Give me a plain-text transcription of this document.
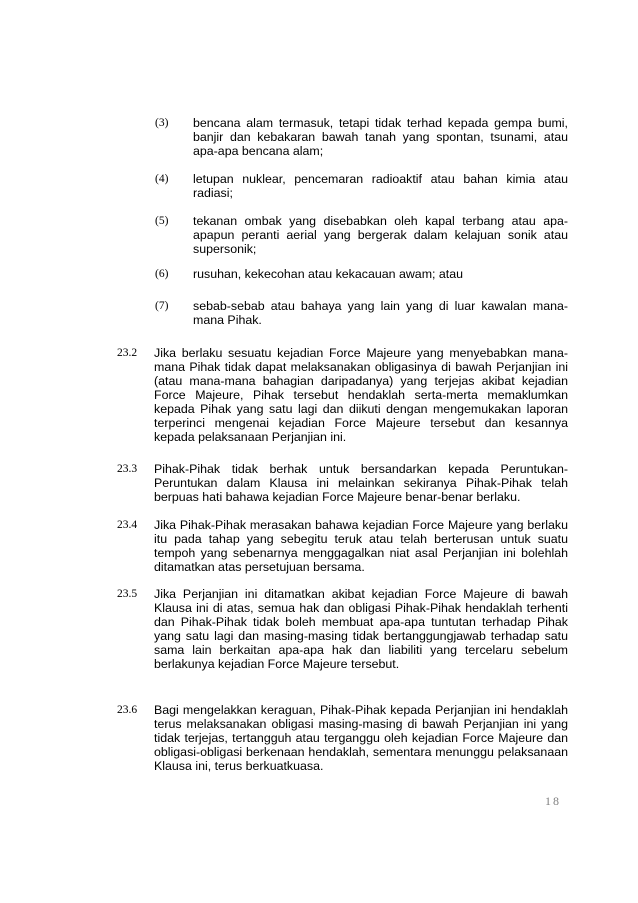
(3) bencana alam termasuk, tetapi tidak terhad kepada gempa bumi, banjir dan kebakaran bawah tanah yang spontan, tsunami, atau apa-apa bencana alam;
(4) letupan nuklear, pencemaran radioaktif atau bahan kimia atau radiasi;
(5) tekanan ombak yang disebabkan oleh kapal terbang atau apa-apapun peranti aerial yang bergerak dalam kelajuan sonik atau supersonik;
(6) rusuhan, kekecohan atau kekacauan awam; atau
(7) sebab-sebab atau bahaya yang lain yang di luar kawalan mana-mana Pihak.
23.2 Jika berlaku sesuatu kejadian Force Majeure yang menyebabkan mana-mana Pihak tidak dapat melaksanakan obligasinya di bawah Perjanjian ini (atau mana-mana bahagian daripadanya) yang terjejas akibat kejadian Force Majeure, Pihak tersebut hendaklah serta-merta memaklumkan kepada Pihak yang satu lagi dan diikuti dengan mengemukakan laporan terperinci mengenai kejadian Force Majeure tersebut dan kesannya kepada pelaksanaan Perjanjian ini.
23.3 Pihak-Pihak tidak berhak untuk bersandarkan kepada Peruntukan-Peruntukan dalam Klausa ini melainkan sekiranya Pihak-Pihak telah berpuas hati bahawa kejadian Force Majeure benar-benar berlaku.
23.4 Jika Pihak-Pihak merasakan bahawa kejadian Force Majeure yang berlaku itu pada tahap yang sebegitu teruk atau telah berterusan untuk suatu tempoh yang sebenarnya menggagalkan niat asal Perjanjian ini bolehlah ditamatkan atas persetujuan bersama.
23.5 Jika Perjanjian ini ditamatkan akibat kejadian Force Majeure di bawah Klausa ini di atas, semua hak dan obligasi Pihak-Pihak hendaklah terhenti dan Pihak-Pihak tidak boleh membuat apa-apa tuntutan terhadap Pihak yang satu lagi dan masing-masing tidak bertanggungjawab terhadap satu sama lain berkaitan apa-apa hak dan liabiliti yang tercelaru sebelum berlakunya kejadian Force Majeure tersebut.
23.6 Bagi mengelakkan keraguan, Pihak-Pihak kepada Perjanjian ini hendaklah terus melaksanakan obligasi masing-masing di bawah Perjanjian ini yang tidak terjejas, tertangguh atau terganggu oleh kejadian Force Majeure dan obligasi-obligasi berkenaan hendaklah, sementara menunggu pelaksanaan Klausa ini, terus berkuatkuasa.
18
